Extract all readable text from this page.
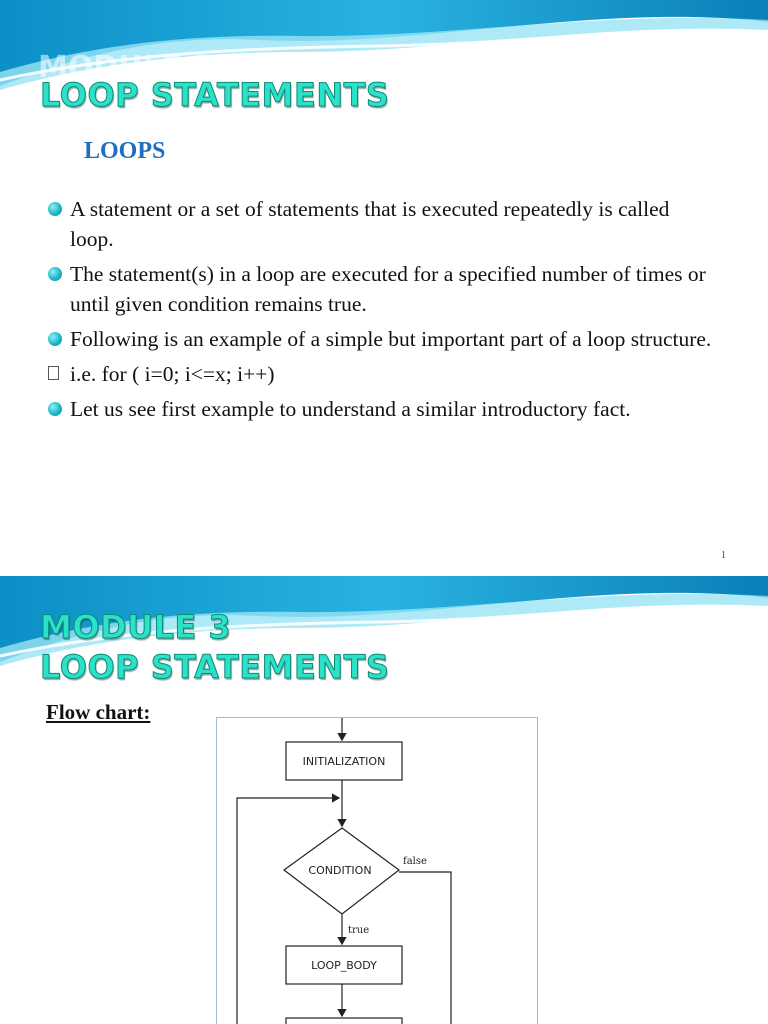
MODULE 3
LOOP STATEMENTS
LOOPS
A statement or a set of statements that is executed repeatedly is called loop.
The statement(s) in a loop are executed for a specified number of times or until given condition remains true.
Following is an example of a simple but important part of a loop structure.
i.e. for ( i=0; i<=x; i++)
Let us see first example to understand a similar introductory fact.
1
MODULE 3
LOOP STATEMENTS
Flow chart:
INITIALIZATION
CONDITION
false
true
LOOP_BODY
